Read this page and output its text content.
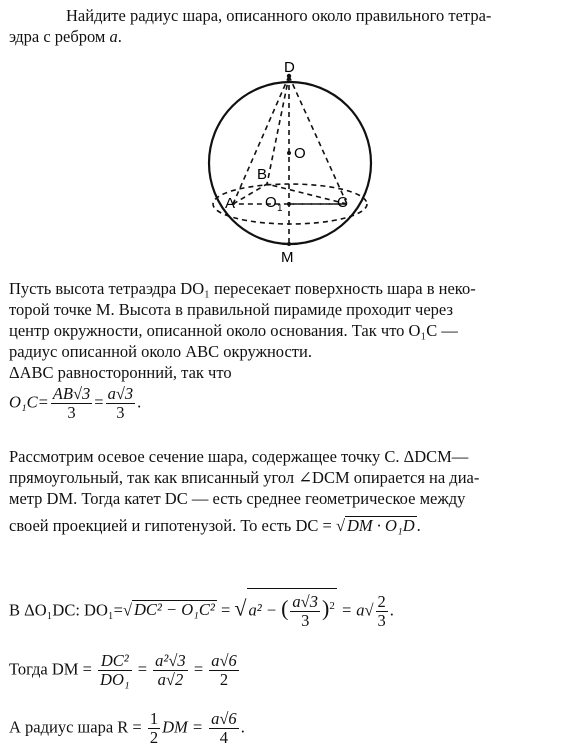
Найдите радиус шара, описанного около правильного тетра-
эдра с ребром a.
D
O
B
A O 1	C
M
Пусть высота тетраэдра DO₁ пересекает поверхность шара в неко-
торой точке M. Высота в правильной пирамиде проходит через
центр окружности, описанной около основания. Так что O₁C —
радиус описанной около ABC окружности.
ΔABC равносторонний, так что
$O_1C= \frac{AB√3}{3} = \frac{a√3}{3}$ .
Рассмотрим осевое сечение шара, содержащее точку C. ΔDCM—
прямоугольный, так как вписанный угол ∠DCM опирается на диа-
метр DM. Тогда катет DC — есть среднее геометрическое между
своей проекцией и гипотенузой. То есть DC = √ DM · O₁D .
В ΔO₁DC: DO₁=√ DC² − O₁C² = √ a² − ( $\frac{a√3}{3} )^2 = a√ \frac{2}{3}$ .
Тогда DM = $\frac{\text{DC²}}{\text{DO₁}} = \frac{\text{a²√3}}{a√2} = \frac{a√6}{2}$
А радиус шара $R = \frac{1}{2}$ DM = $\frac{a√6}{4}$ .
